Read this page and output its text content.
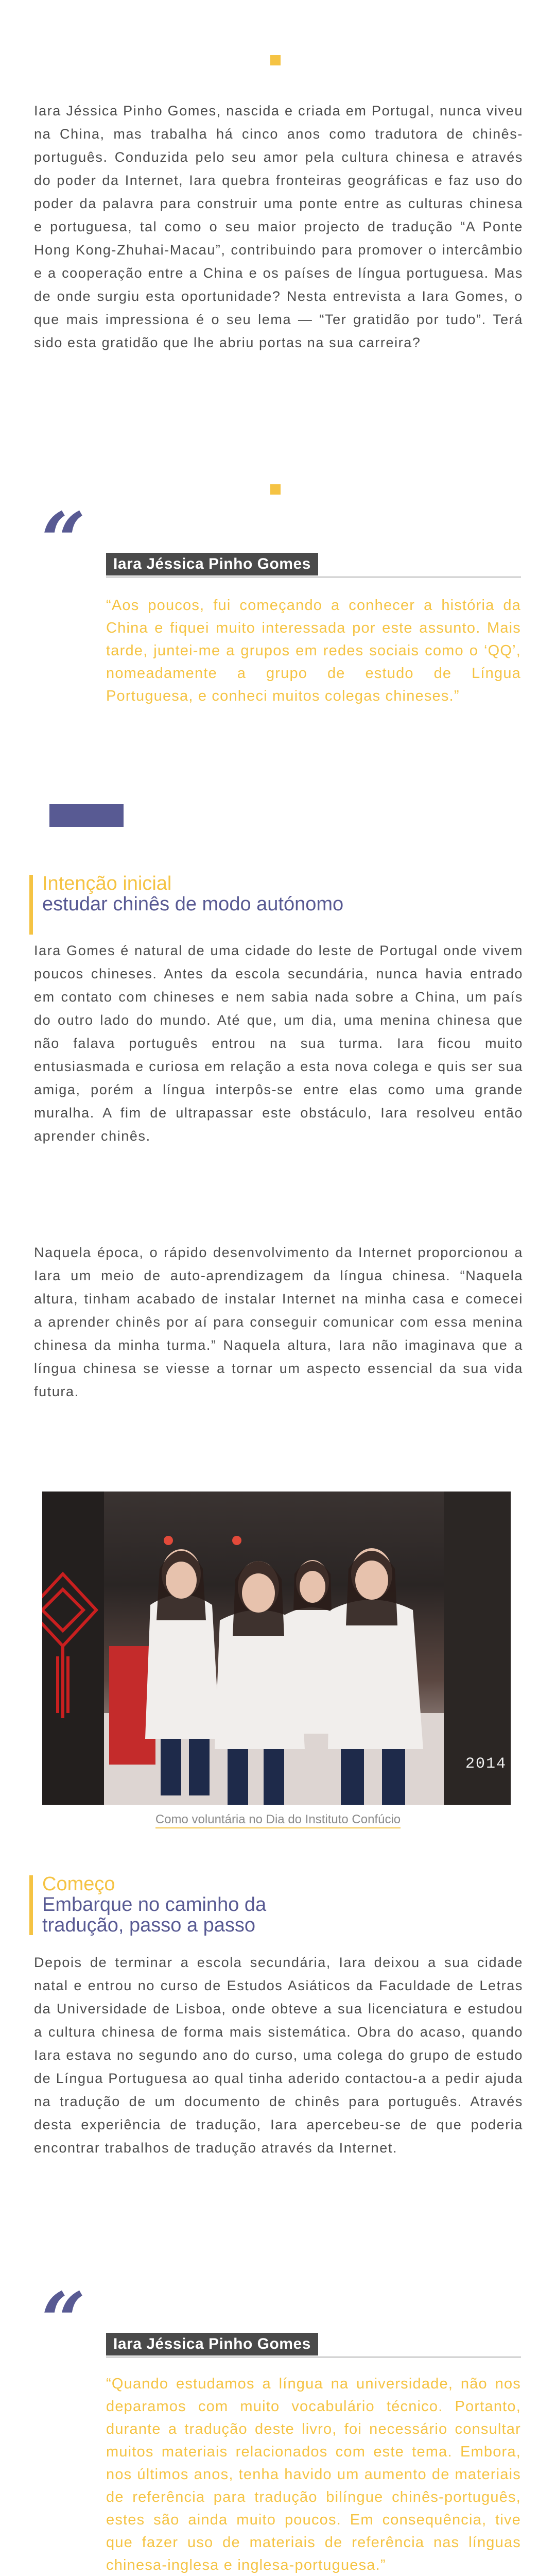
Iara Jéssica Pinho Gomes, nascida e criada em Portugal, nunca viveu na China, mas trabalha há cinco anos como tradutora de chinês-português. Conduzida pelo seu amor pela cultura chinesa e através do poder da Internet, Iara quebra fronteiras geográficas e faz uso do poder da palavra para construir uma ponte entre as culturas chinesa e portuguesa, tal como o seu maior projecto de tradução “A Ponte Hong Kong-Zhuhai-Macau”, contribuindo para promover o intercâmbio e a cooperação entre a China e os países de língua portuguesa. Mas de onde surgiu esta oportunidade? Nesta entrevista a Iara Gomes, o que mais impressiona é o seu lema — “Ter gratidão por tudo”. Terá sido esta gratidão que lhe abriu portas na sua carreira?

“	Iara Jéssica Pinho Gomes

“Aos poucos, fui começando a conhecer a história da China e fiquei muito interessada por este assunto. Mais tarde, juntei-me a grupos em redes sociais como o ‘QQ’, nomeadamente a grupo de estudo de Língua Portuguesa, e conheci muitos colegas chineses.”

Intenção inicial
estudar chinês de modo autónomo

Iara Gomes é natural de uma cidade do leste de Portugal onde vivem poucos chineses. Antes da escola secundária, nunca havia entrado em contato com chineses e nem sabia nada sobre a China, um país do outro lado do mundo. Até que, um dia, uma menina chinesa que não falava português entrou na sua turma. Iara ficou muito entusiasmada e curiosa em relação a esta nova colega e quis ser sua amiga, porém a língua interpôs-se entre elas como uma grande muralha. A fim de ultrapassar este obstáculo, Iara resolveu então aprender chinês.

Naquela época, o rápido desenvolvimento da Internet proporcionou a Iara um meio de auto-aprendizagem da língua chinesa. “Naquela altura, tinham acabado de instalar Internet na minha casa e comecei a aprender chinês por aí para conseguir comunicar com essa menina chinesa da minha turma.” Naquela altura, Iara não imaginava que a língua chinesa se viesse a tornar um aspecto essencial da sua vida futura.

2014
Como voluntária no Dia do Instituto Confúcio
Começo
Embarque no caminho da tradução, passo a passo

Depois de terminar a escola secundária, Iara deixou a sua cidade natal e entrou no curso de Estudos Asiáticos da Faculdade de Letras da Universidade de Lisboa, onde obteve a sua licenciatura e estudou a cultura chinesa de forma mais sistemática. Obra do acaso, quando Iara estava no segundo ano do curso, uma colega do grupo de estudo de Língua Portuguesa ao qual tinha aderido contactou-a a pedir ajuda na tradução de um documento de chinês para português. Através desta experiência de tradução, Iara apercebeu-se de que poderia encontrar trabalhos de tradução através da Internet.

“	Iara Jéssica Pinho Gomes

“Quando estudamos a língua na universidade, não nos deparamos com muito vocabulário técnico. Portanto, durante a tradução deste livro, foi necessário consultar muitos materiais relacionados com este tema. Embora, nos últimos anos, tenha havido um aumento de materiais de referência para tradução bilíngue chinês-português, estes são ainda muito poucos. Em consequência, tive que fazer uso de materiais de referência nas línguas chinesa-inglesa e inglesa-portuguesa.”
